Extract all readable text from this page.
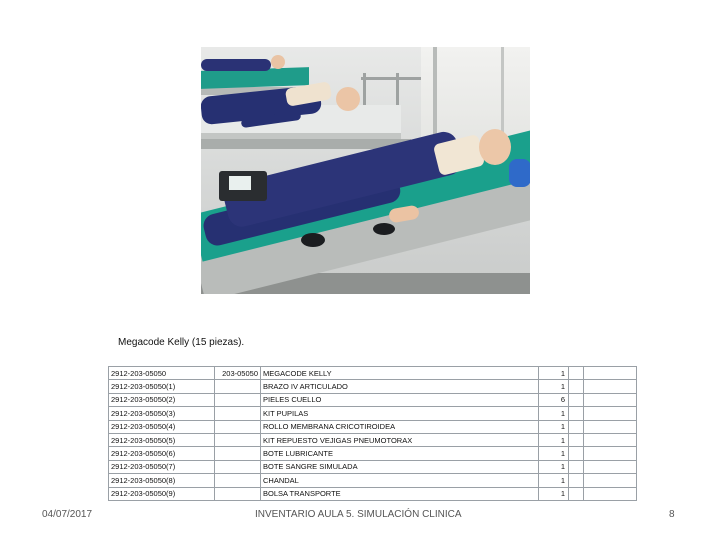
Megacode Kelly (15 piezas).
2912-203-05050	203-05050	MEGACODE KELLY	1		
2912-203-05050(1)		BRAZO IV ARTICULADO	1		
2912-203-05050(2)		PIELES CUELLO	6		
2912-203-05050(3)		KIT PUPILAS	1		
2912-203-05050(4)		ROLLO MEMBRANA CRICOTIROIDEA	1		
2912-203-05050(5)		KIT REPUESTO VEJIGAS PNEUMOTORAX	1		
2912-203-05050(6)		BOTE LUBRICANTE	1		
2912-203-05050(7)		BOTE SANGRE SIMULADA	1		
2912-203-05050(8)		CHANDAL	1		
2912-203-05050(9)		BOLSA TRANSPORTE	1		
04/07/2017	INVENTARIO AULA 5. SIMULACIÓN CLINICA	8
